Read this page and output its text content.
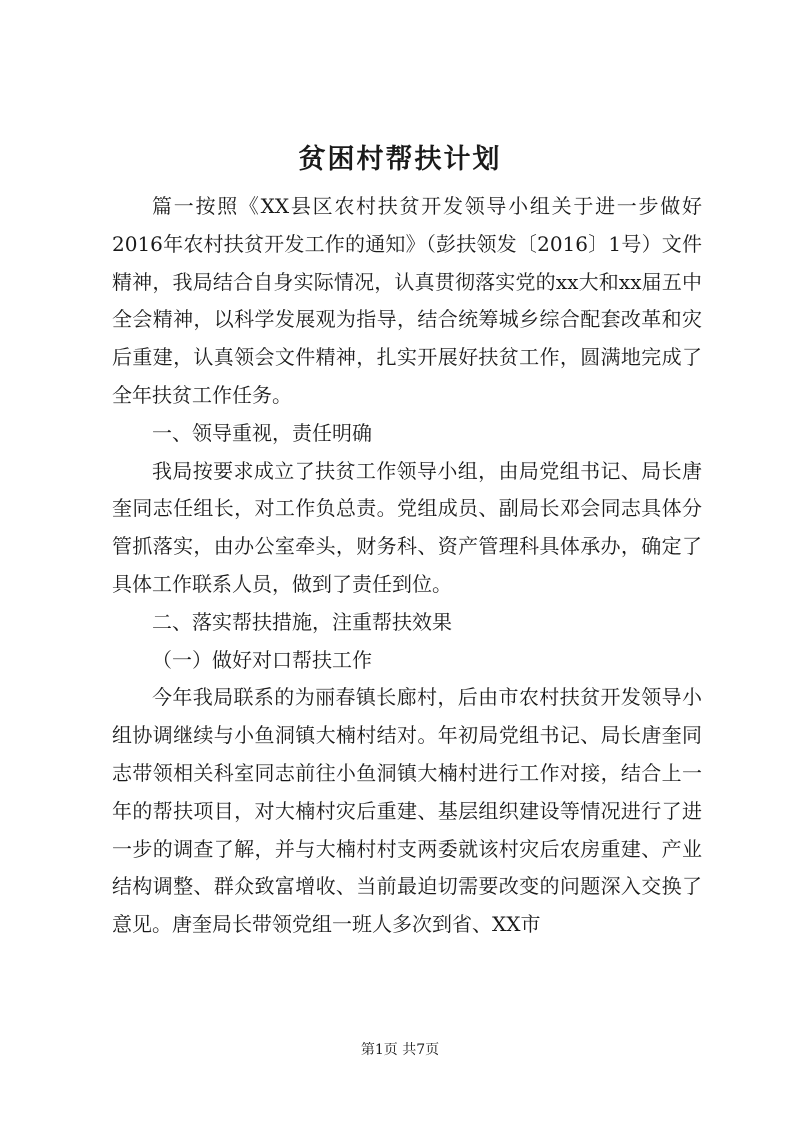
贫困村帮扶计划

篇一按照《XX县区农村扶贫开发领导小组关于进一步做好2016年农村扶贫开发工作的通知》（彭扶领发〔2016〕1号）文件精神，我局结合自身实际情况，认真贯彻落实党的xx大和xx届五中全会精神，以科学发展观为指导，结合统筹城乡综合配套改革和灾后重建，认真领会文件精神，扎实开展好扶贫工作，圆满地完成了全年扶贫工作任务。

一、领导重视，责任明确

我局按要求成立了扶贫工作领导小组，由局党组书记、局长唐奎同志任组长，对工作负总责。党组成员、副局长邓会同志具体分管抓落实，由办公室牵头，财务科、资产管理科具体承办，确定了具体工作联系人员，做到了责任到位。

二、落实帮扶措施，注重帮扶效果

（一）做好对口帮扶工作

今年我局联系的为丽春镇长廊村，后由市农村扶贫开发领导小组协调继续与小鱼洞镇大楠村结对。年初局党组书记、局长唐奎同志带领相关科室同志前往小鱼洞镇大楠村进行工作对接，结合上一年的帮扶项目，对大楠村灾后重建、基层组织建设等情况进行了进一步的调查了解，并与大楠村村支两委就该村灾后农房重建、产业结构调整、群众致富增收、当前最迫切需要改变的问题深入交换了意见。唐奎局长带领党组一班人多次到省、XX市

第1页 共7页
